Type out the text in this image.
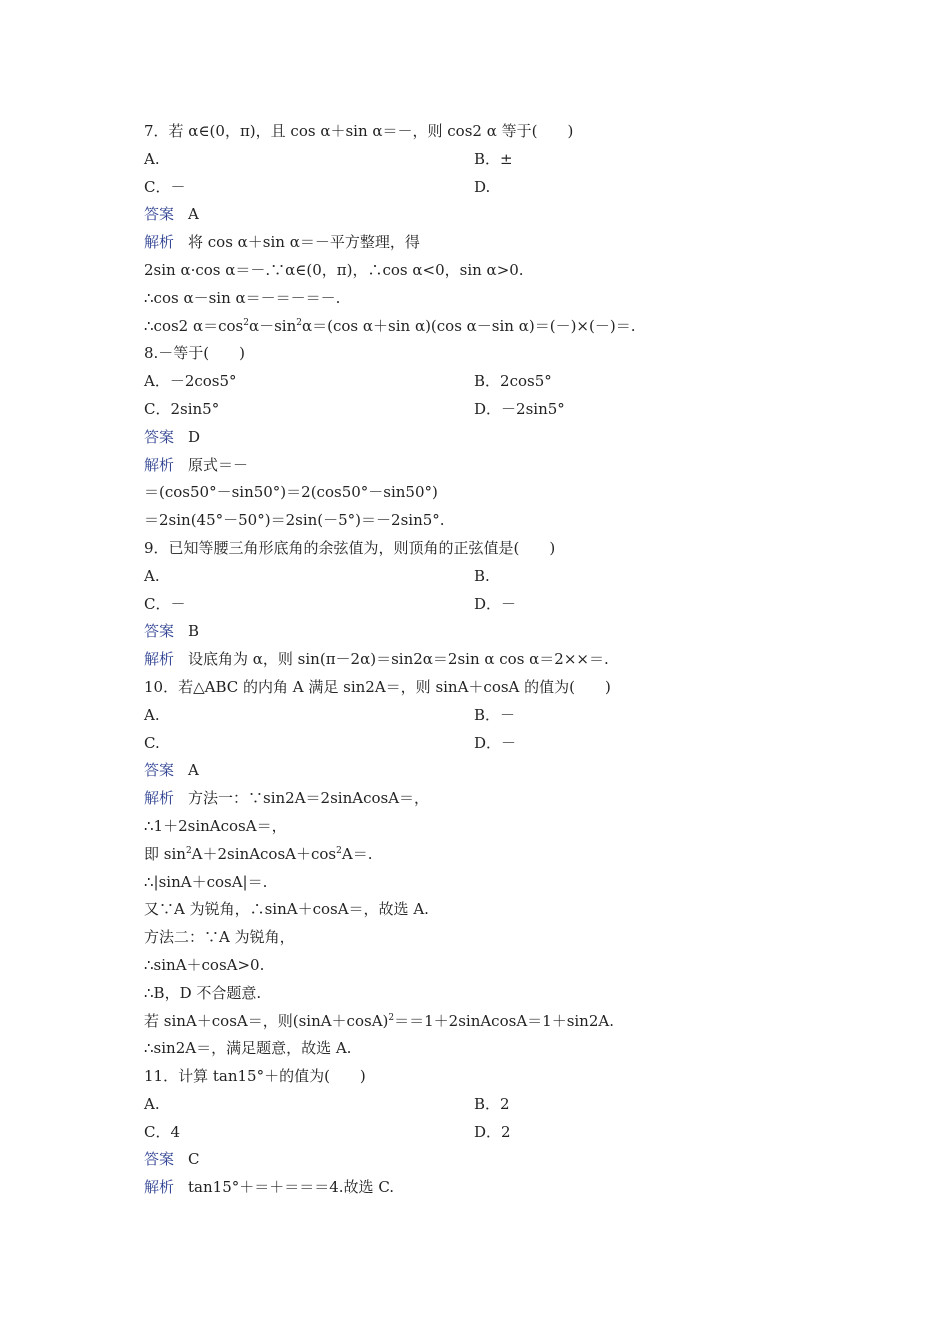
7．若 α∈(0，π)，且 cos α＋sin α＝－，则 cos2 α 等于(　　)
A.	B．±
C．－	D.
答案 A
解析 将 cos α＋sin α＝－平方整理，得
2sin α·cos α＝－.∵α∈(0，π)，∴cos α<0，sin α>0.
∴cos α－sin α＝－＝－＝－.
∴cos2 $\alpha=\cos^2\alpha-\sin^2\alpha=(\cos$ α＋sin α)(cos α－sin α)＝(－)×(－)＝.
8.－等于(　　)
A．－2cos5°	B．2cos5°
C．2sin5°	D．－2sin5°
答案 D
解析 原式＝－
＝(cos50°－sin50°)＝2(cos50°－sin50°)
＝2sin(45°－50°)＝2sin(－5°)＝－2sin5°.
9．已知等腰三角形底角的余弦值为，则顶角的正弦值是(　　)
A.	B.
C．－	D．－
答案 B
解析 设底角为 α，则 sin(π－2α)＝sin2α＝2sin α cos α＝2××＝.
10．若△ABC 的内角 A 满足 sin2A＝，则 sinA＋cosA 的值为(　　)
A.	B．－
C.	D．－
答案 A
解析 方法一：∵sin2A＝2sinAcosA＝，
∴1＋2sinAcosA＝，
即 $\sin^2A+2sinAcosA+\cos^2A=$.
∴|sinA＋cosA|＝.
又∵A 为锐角，∴sinA＋cosA＝，故选 A.
方法二：∵A 为锐角，
∴sinA＋cosA>0.
∴B，D 不合题意.
若 sinA＋cosA＝，则$(\sin A+\cos A)^2==1+2sinAcosA=1+\sin 2A$.
∴sin2A＝，满足题意，故选 A.
11．计算 tan15°＋的值为(　　)
A.	B．2
C．4	D．2
答案 C
解析 tan15°＋＝＋＝＝＝4.故选 C.
